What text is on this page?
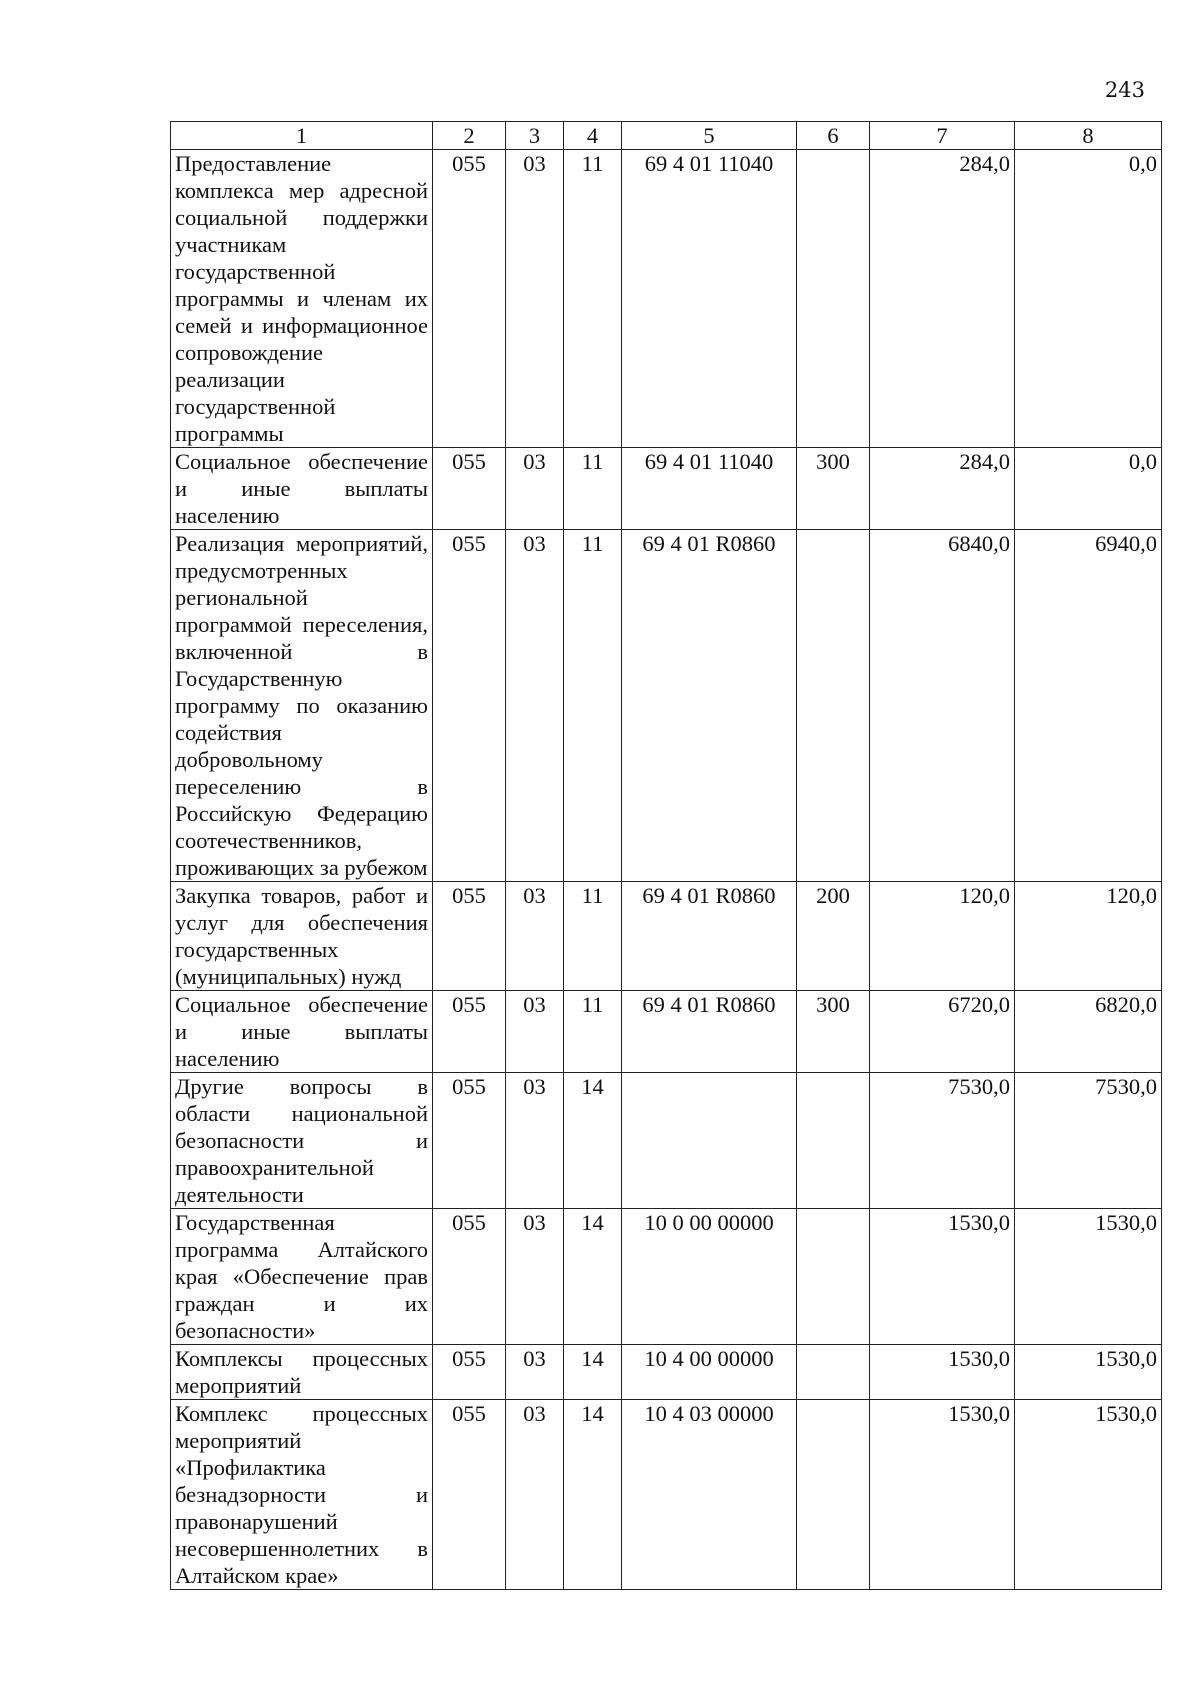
243
1	2	3	4	5	6	7	8
Предоставление комплекса мер адресной социальной поддержки участникам государственной программы и членам их семей и информационное сопровождение реализации государственной программы	055	03	11	69 4 01 11040		284,0	0,0
Социальное обеспечение и иные выплаты населению	055	03	11	69 4 01 11040	300	284,0	0,0
Реализация мероприятий, предусмотренных региональной программой переселения, включенной в Государственную программу по оказанию содействия добровольному переселению в Российскую Федерацию соотечественников, проживающих за рубежом	055	03	11	69 4 01 R0860		6840,0	6940,0
Закупка товаров, работ и услуг для обеспечения государственных (муниципальных) нужд	055	03	11	69 4 01 R0860	200	120,0	120,0
Социальное обеспечение и иные выплаты населению	055	03	11	69 4 01 R0860	300	6720,0	6820,0
Другие вопросы в области национальной безопасности и правоохранительной деятельности	055	03	14			7530,0	7530,0
Государственная программа Алтайского края «Обеспечение прав граждан и их безопасности»	055	03	14	10 0 00 00000		1530,0	1530,0
Комплексы процессных мероприятий	055	03	14	10 4 00 00000		1530,0	1530,0
Комплекс процессных мероприятий «Профилактика безнадзорности и правонарушений несовершеннолетних в Алтайском крае»	055	03	14	10 4 03 00000		1530,0	1530,0
